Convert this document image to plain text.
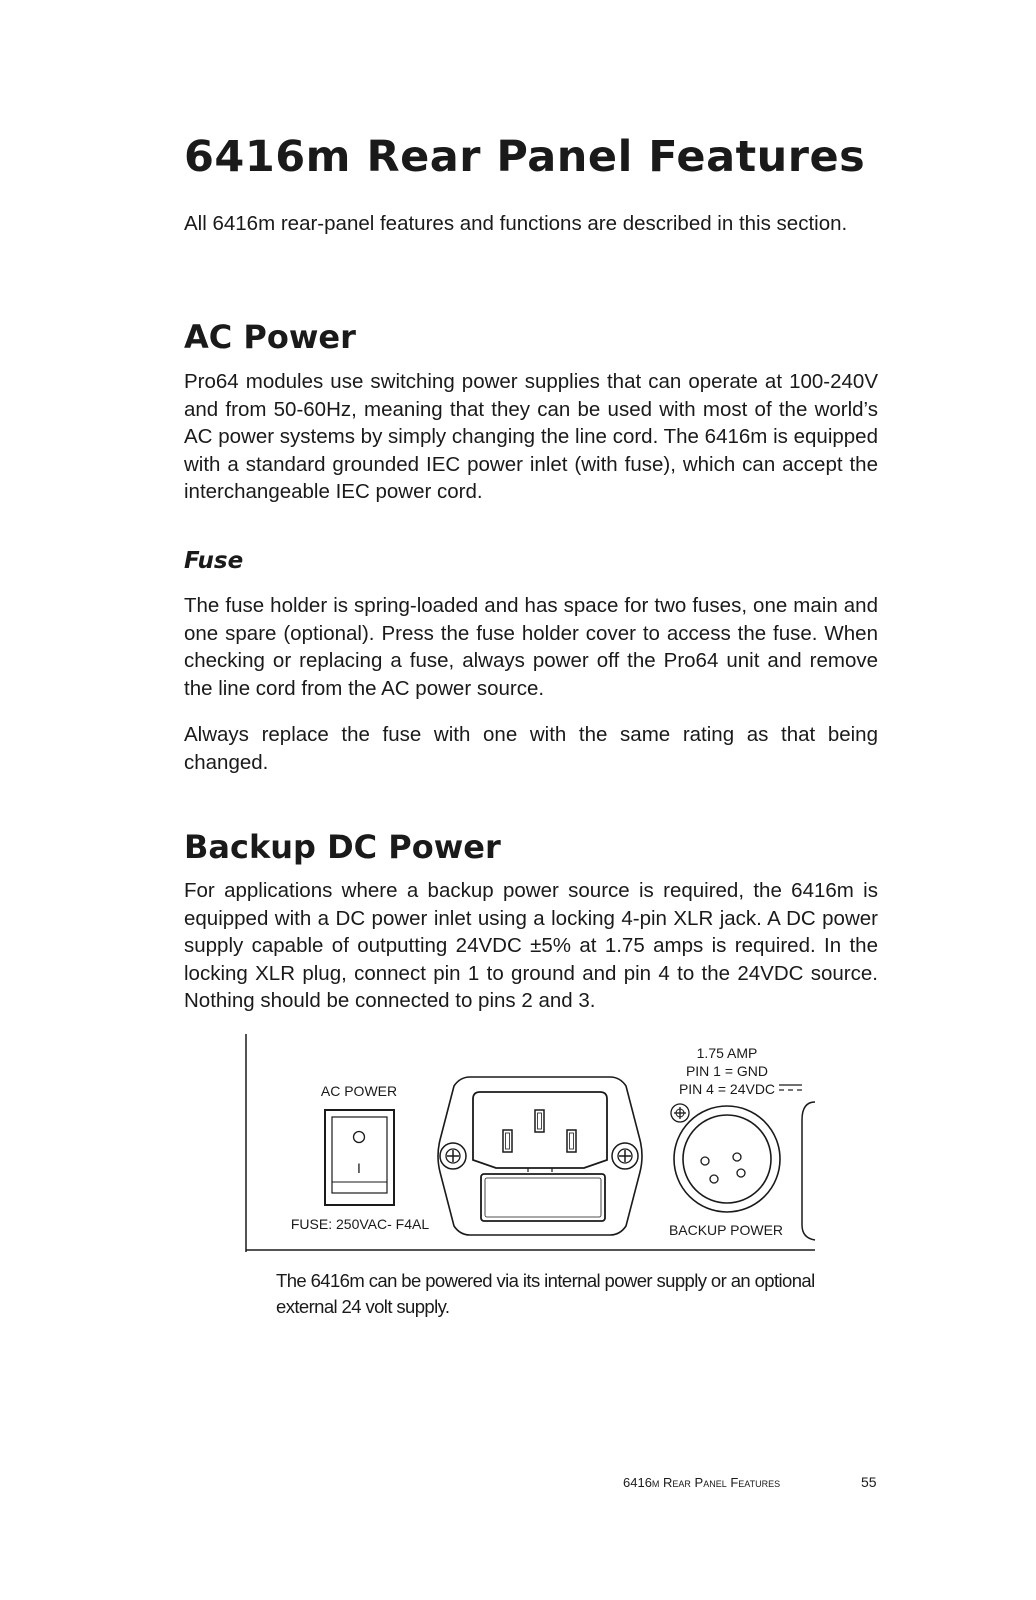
6416m Rear Panel Features

All 6416m rear-panel features and functions are described in this section.

AC Power

Pro64 modules use switching power supplies that can operate at 100-240V and from 50-60Hz, meaning that they can be used with most of the world’s AC power systems by simply changing the line cord. The 6416m is equipped with a standard grounded IEC power inlet (with fuse), which can accept the interchangeable IEC power cord.

Fuse

The fuse holder is spring-loaded and has space for two fuses, one main and one spare (optional). Press the fuse holder cover to access the fuse. When checking or replacing a fuse, always power off the Pro64 unit and remove the line cord from the AC power source.

Always replace the fuse with one with the same rating as that being changed.

Backup DC Power

For applications where a backup power source is required, the 6416m is equipped with a DC power inlet using a locking 4-pin XLR jack. A DC power supply capable of outputting 24VDC ±5% at 1.75 amps is required. In the locking XLR plug, connect pin 1 to ground and pin 4 to the 24VDC source. Nothing should be connected to pins 2 and 3.

AC POWER
I
FUSE: 250VAC- F4AL
1.75 AMP
PIN 1 = GND
PIN 4 = 24VDC
BACKUP POWER

The 6416m can be powered via its internal power supply or an optional external 24 volt supply.

6416m Rear Panel Features	55
